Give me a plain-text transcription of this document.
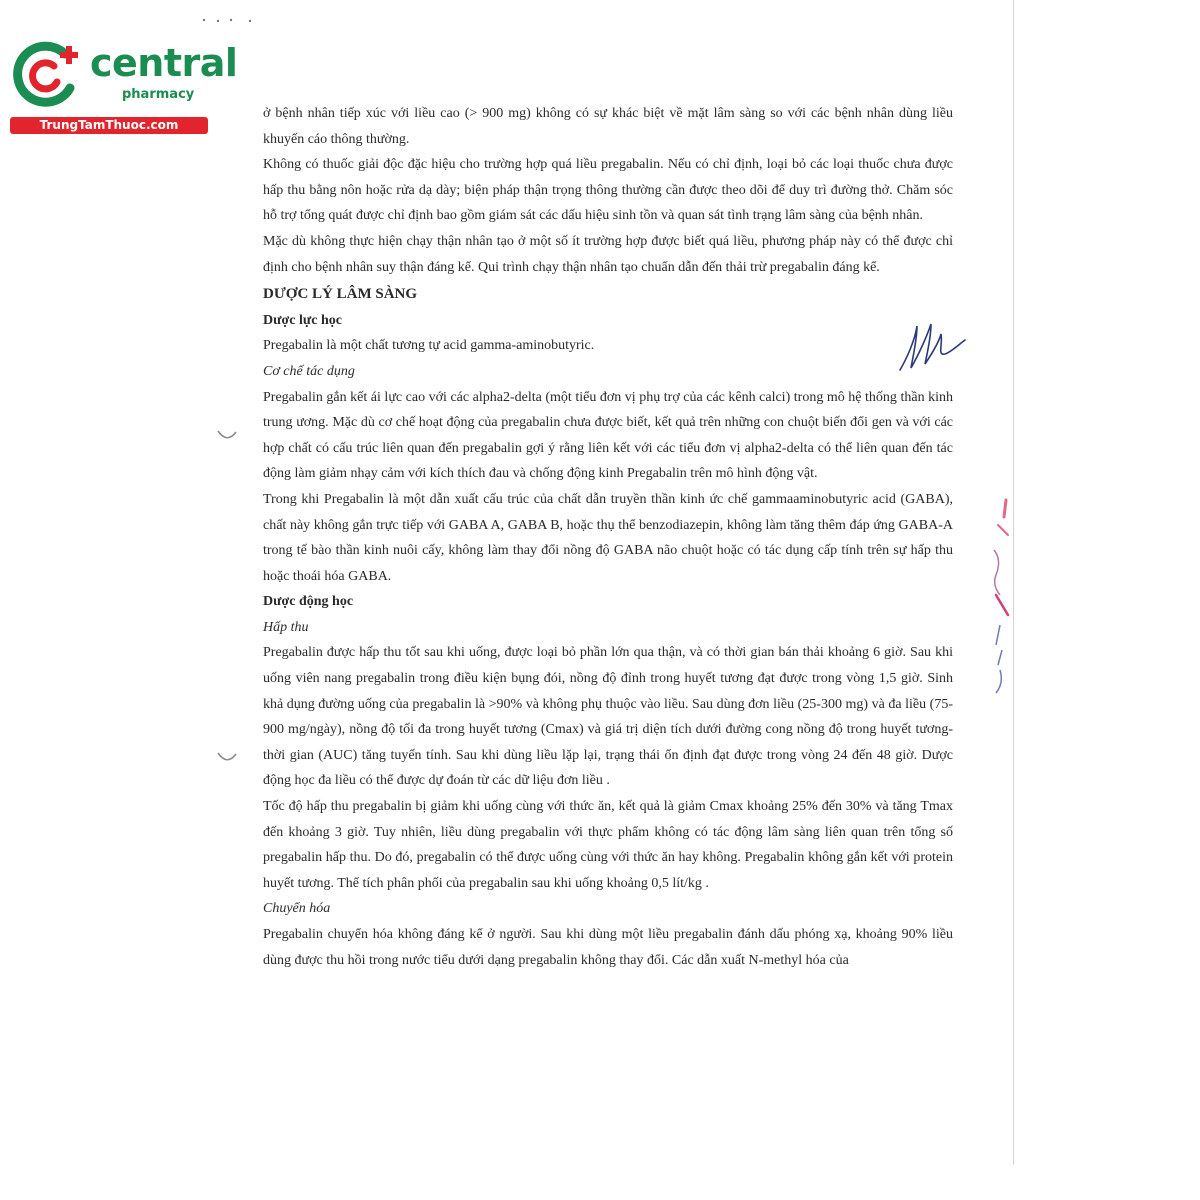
central
pharmacy
TrungTamThuoc.com

ở bệnh nhân tiếp xúc với liều cao (> 900 mg) không có sự khác biệt về mặt lâm sàng so với các bệnh nhân dùng liều khuyến cáo thông thường.

Không có thuốc giải độc đặc hiệu cho trường hợp quá liều pregabalin. Nếu có chỉ định, loại bỏ các loại thuốc chưa được hấp thu bằng nôn hoặc rửa dạ dày; biện pháp thận trọng thông thường cần được theo dõi để duy trì đường thở. Chăm sóc hỗ trợ tổng quát được chỉ định bao gồm giám sát các dấu hiệu sinh tồn và quan sát tình trạng lâm sàng của bệnh nhân.

Mặc dù không thực hiện chạy thận nhân tạo ở một số ít trường hợp được biết quá liều, phương pháp này có thể được chỉ định cho bệnh nhân suy thận đáng kể. Qui trình chạy thận nhân tạo chuẩn dẫn đến thải trừ pregabalin đáng kể.

DƯỢC LÝ LÂM SÀNG

Dược lực học

Pregabalin là một chất tương tự acid gamma-aminobutyric.

Cơ chế tác dụng

Pregabalin gắn kết ái lực cao với các alpha2-delta (một tiểu đơn vị phụ trợ của các kênh calci) trong mô hệ thống thần kinh trung ương. Mặc dù cơ chế hoạt động của pregabalin chưa được biết, kết quả trên những con chuột biến đổi gen và với các hợp chất có cấu trúc liên quan đến pregabalin gợi ý rằng liên kết với các tiểu đơn vị alpha2-delta có thể liên quan đến tác động làm giảm nhạy cảm với kích thích đau và chống động kinh Pregabalin trên mô hình động vật.

Trong khi Pregabalin là một dẫn xuất cấu trúc của chất dẫn truyền thần kinh ức chế gammaaminobutyric acid (GABA), chất này không gắn trực tiếp với GABA A, GABA B, hoặc thụ thể benzodiazepin, không làm tăng thêm đáp ứng GABA-A trong tế bào thần kinh nuôi cấy, không làm thay đổi nồng độ GABA não chuột hoặc có tác dụng cấp tính trên sự hấp thu hoặc thoái hóa GABA.

Dược động học

Hấp thu

Pregabalin được hấp thu tốt sau khi uống, được loại bỏ phần lớn qua thận, và có thời gian bán thải khoảng 6 giờ. Sau khi uống viên nang pregabalin trong điều kiện bụng đói, nồng độ đỉnh trong huyết tương đạt được trong vòng 1,5 giờ. Sinh khả dụng đường uống của pregabalin là >90% và không phụ thuộc vào liều. Sau dùng đơn liều (25-300 mg) và đa liều (75-900 mg/ngày), nồng độ tối đa trong huyết tương (Cmax) và giá trị diện tích dưới đường cong nồng độ trong huyết tương-thời gian (AUC) tăng tuyến tính. Sau khi dùng liều lặp lại, trạng thái ổn định đạt được trong vòng 24 đến 48 giờ. Dược động học đa liều có thể được dự đoán từ các dữ liệu đơn liều .

Tốc độ hấp thu pregabalin bị giảm khi uống cùng với thức ăn, kết quả là giảm Cmax khoảng 25% đến 30% và tăng Tmax đến khoảng 3 giờ. Tuy nhiên, liều dùng pregabalin với thực phẩm không có tác động lâm sàng liên quan trên tổng số pregabalin hấp thu. Do đó, pregabalin có thể được uống cùng với thức ăn hay không. Pregabalin không gắn kết với protein huyết tương. Thể tích phân phối của pregabalin sau khi uống khoảng 0,5 lít/kg .

Chuyển hóa

Pregabalin chuyển hóa không đáng kể ở người. Sau khi dùng một liều pregabalin đánh dấu phóng xạ, khoảng 90% liều dùng được thu hồi trong nước tiểu dưới dạng pregabalin không thay đổi. Các dẫn xuất N-methyl hóa của
